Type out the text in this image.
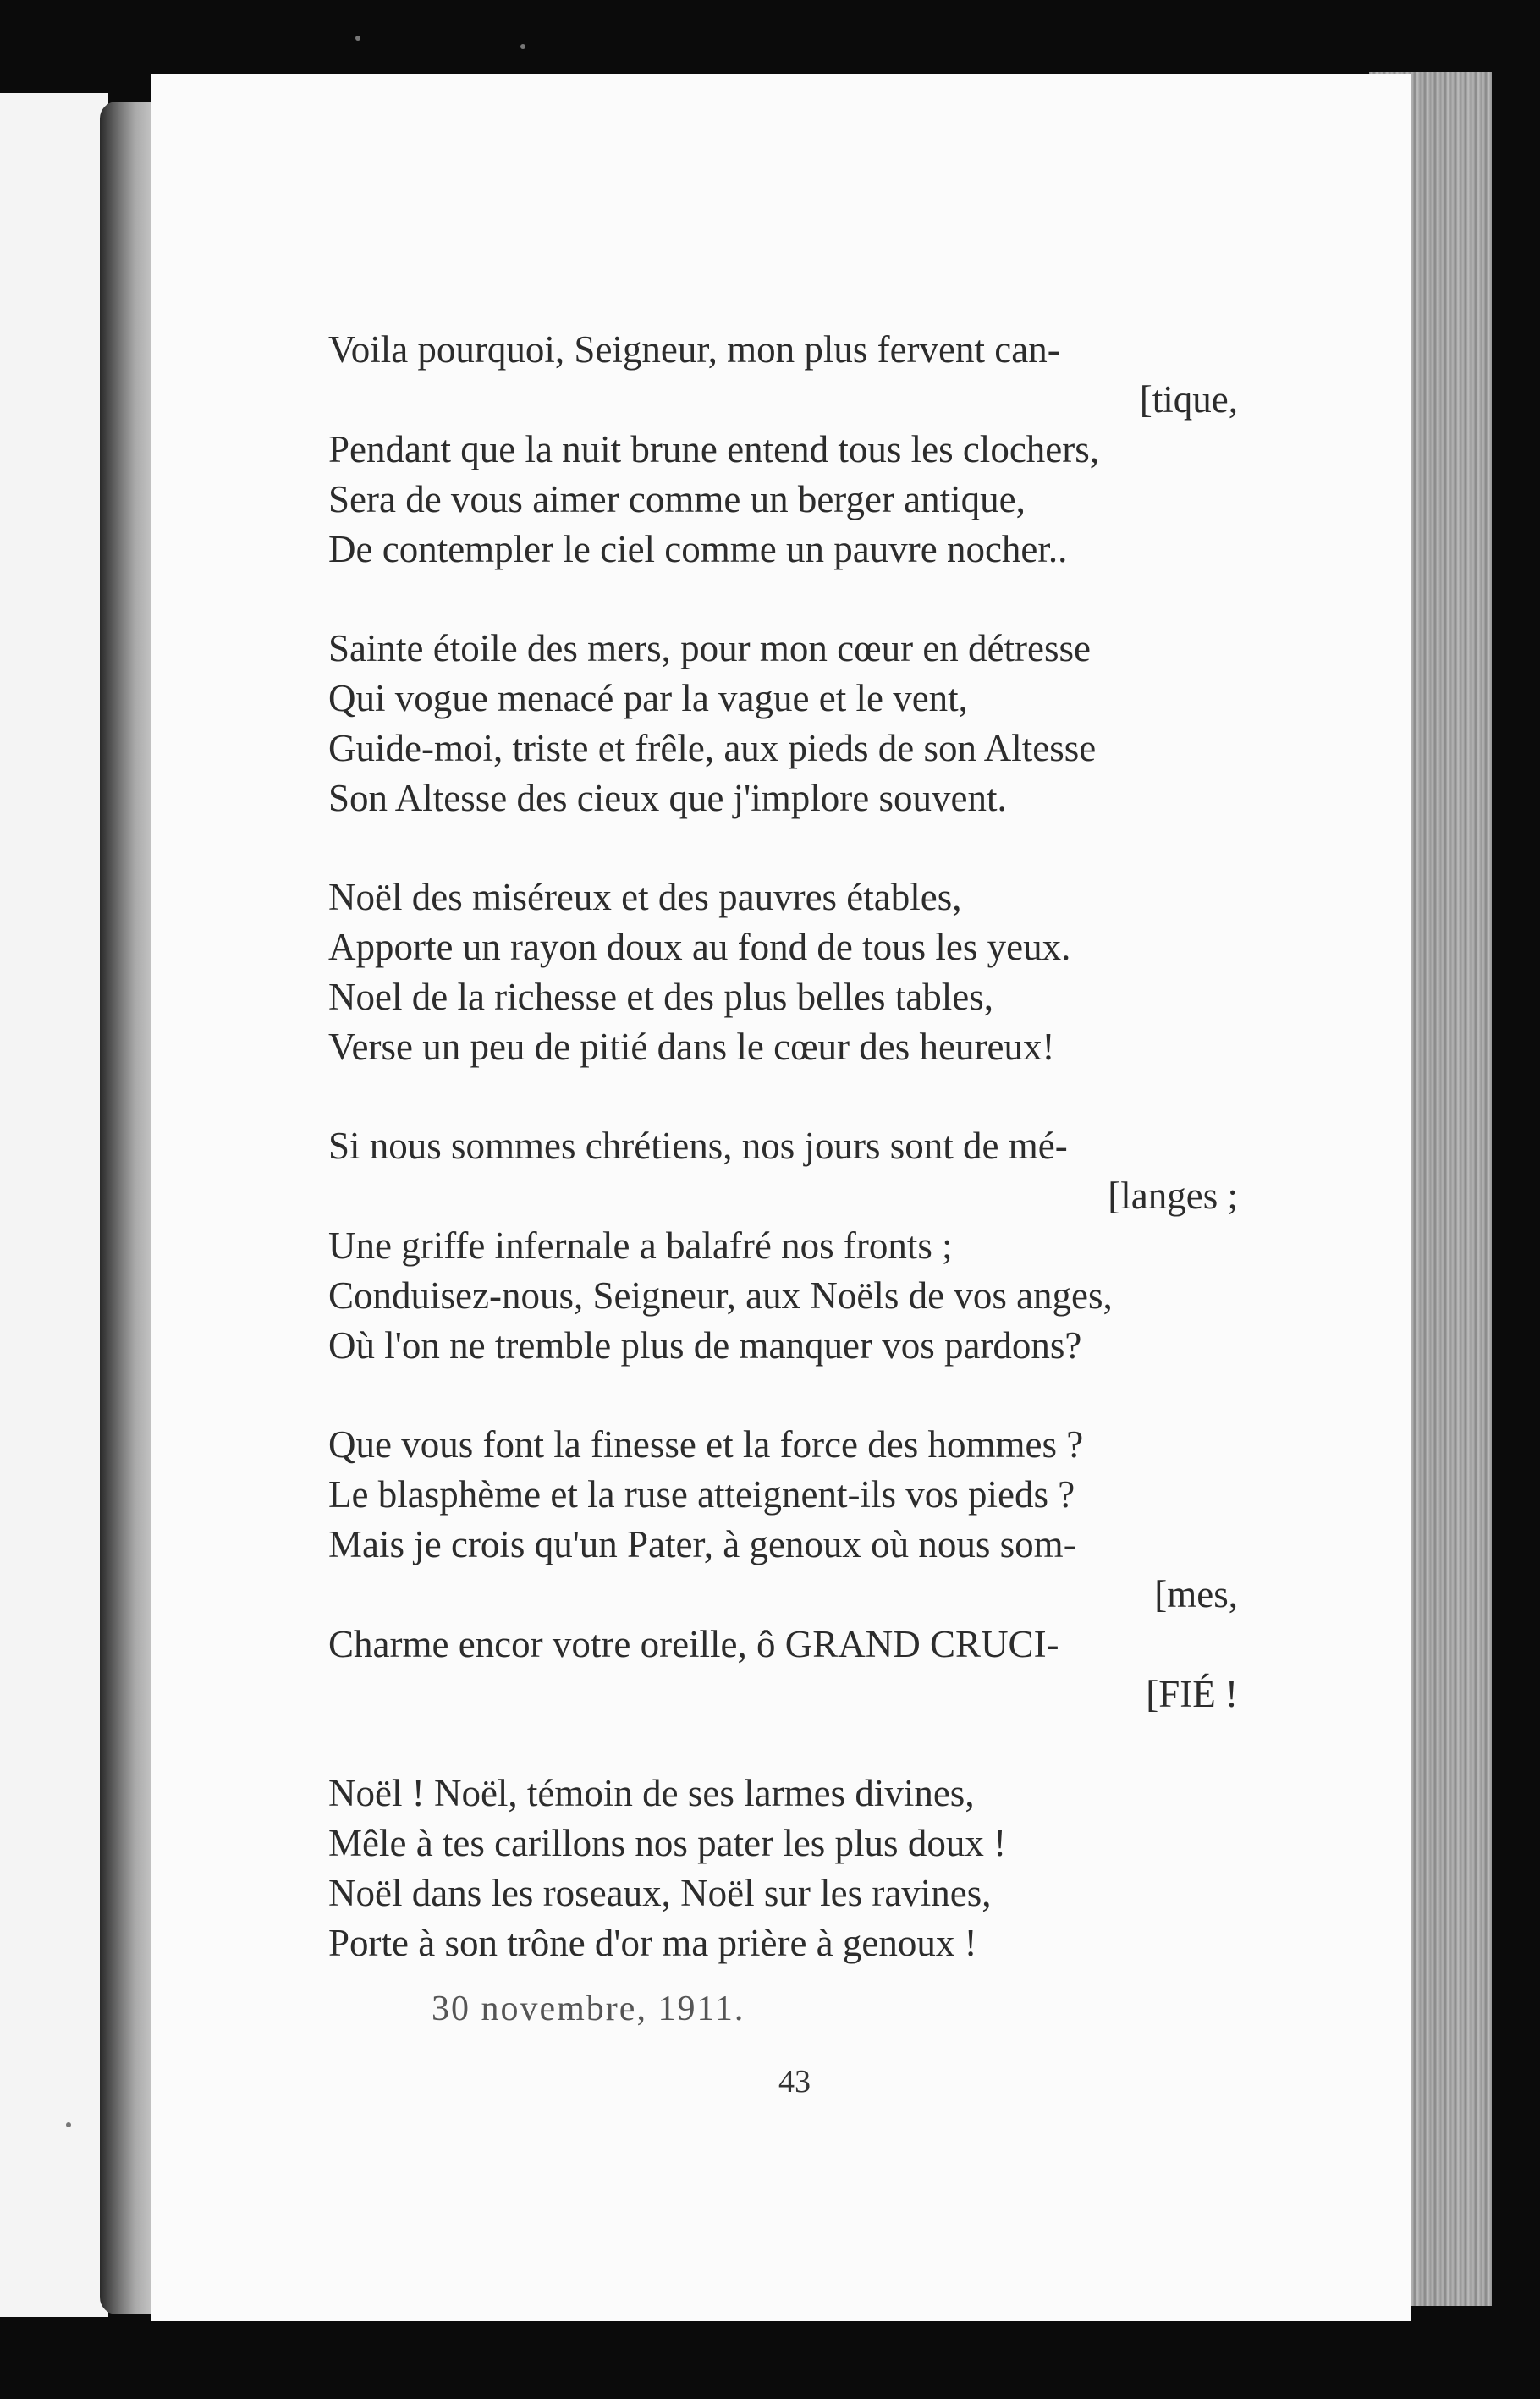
Voila pourquoi, Seigneur, mon plus fervent can-
[tique,
Pendant que la nuit brune entend tous les clochers,
Sera de vous aimer comme un berger antique,
De contempler le ciel comme un pauvre nocher..
Sainte étoile des mers, pour mon cœur en détresse
Qui vogue menacé par la vague et le vent,
Guide-moi, triste et frêle, aux pieds de son Altesse
Son Altesse des cieux que j'implore souvent.
Noël des miséreux et des pauvres étables,
Apporte un rayon doux au fond de tous les yeux.
Noel de la richesse et des plus belles tables,
Verse un peu de pitié dans le cœur des heureux!
Si nous sommes chrétiens, nos jours sont de mé-
[langes ;
Une griffe infernale a balafré nos fronts ;
Conduisez-nous, Seigneur, aux Noëls de vos anges,
Où l'on ne tremble plus de manquer vos pardons?
Que vous font la finesse et la force des hommes ?
Le blasphème et la ruse atteignent-ils vos pieds ?
Mais je crois qu'un Pater, à genoux où nous som-
[mes,
Charme encor votre oreille, ô GRAND CRUCI-
[FIÉ !
Noël ! Noël, témoin de ses larmes divines,
Mêle à tes carillons nos pater les plus doux !
Noël dans les roseaux, Noël sur les ravines,
Porte à son trône d'or ma prière à genoux !
30 novembre, 1911.
43
